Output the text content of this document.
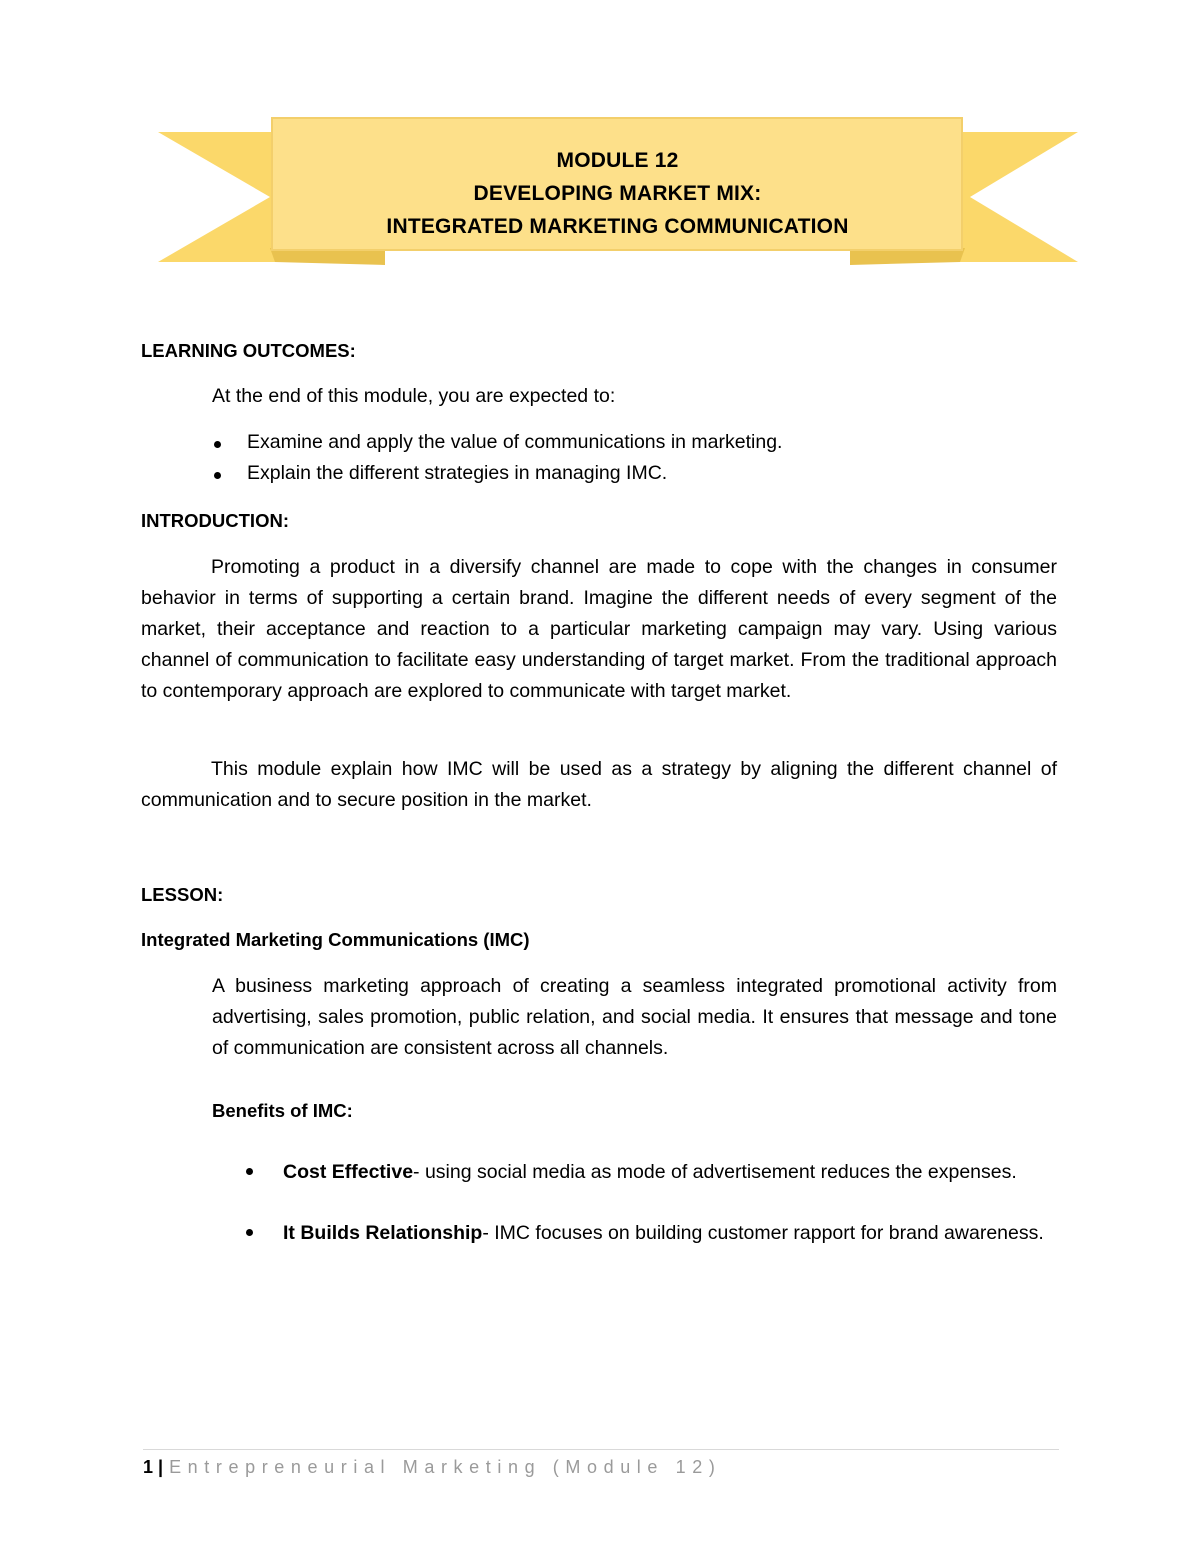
MODULE 12
DEVELOPING MARKET MIX:
INTEGRATED MARKETING COMMUNICATION
LEARNING OUTCOMES:
At the end of this module, you are expected to:
Examine and apply the value of communications in marketing.
Explain the different strategies in managing IMC.
INTRODUCTION:
Promoting a product in a diversify channel are made to cope with the changes in consumer behavior in terms of supporting a certain brand. Imagine the different needs of every segment of the market, their acceptance and reaction to a particular marketing campaign may vary. Using various channel of communication to facilitate easy understanding of target market. From the traditional approach to contemporary approach are explored to communicate with target market.
This module explain how IMC will be used as a strategy by aligning the different channel of communication and to secure position in the market.
LESSON:
Integrated Marketing Communications (IMC)
A business marketing approach of creating a seamless integrated promotional activity from advertising, sales promotion, public relation, and social media. It ensures that message and tone of communication are consistent across all channels.
Benefits of IMC:
Cost Effective- using social media as mode of advertisement reduces the expenses.
It Builds Relationship- IMC focuses on building customer rapport for brand awareness.
1 | Entrepreneurial Marketing (Module 12)
